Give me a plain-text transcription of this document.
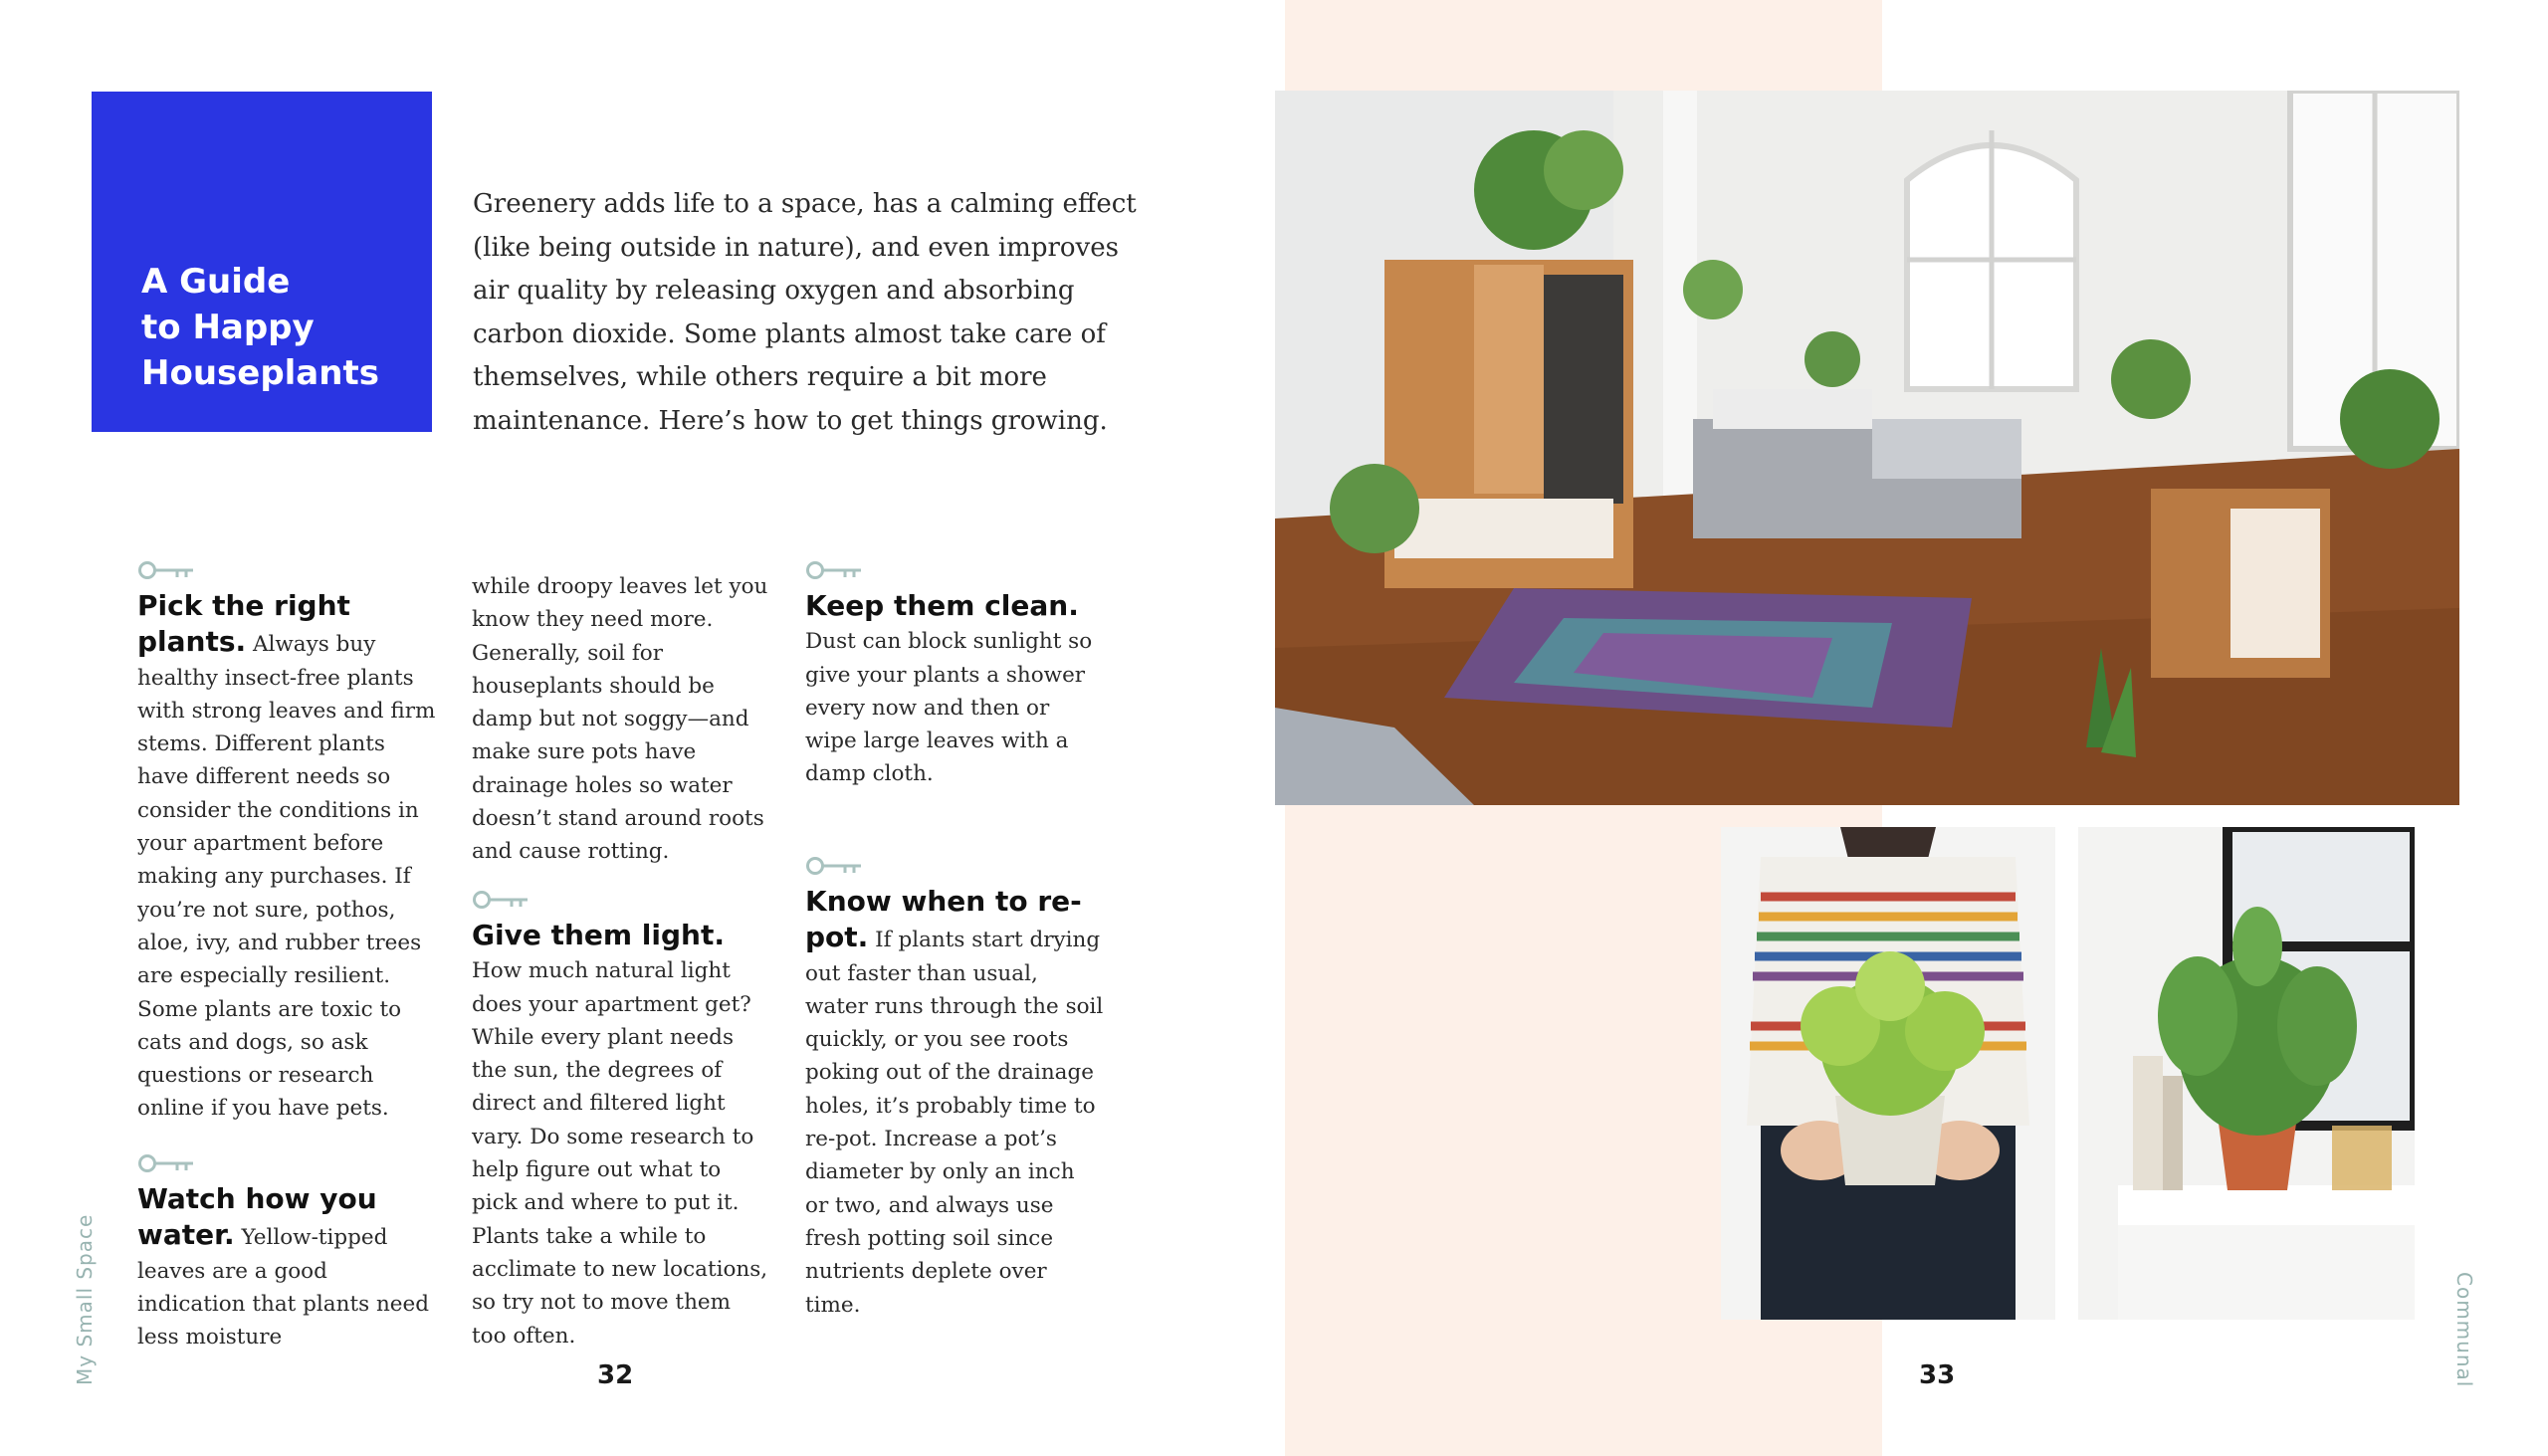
A Guide
to Happy
Houseplants
Greenery adds life to a space, has a calming effect (like being outside in nature), and even improves air quality by releasing oxygen and absorbing carbon dioxide. Some plants almost take care of themselves, while others require a bit more maintenance. Here’s how to get things growing.

Pick the right plants. Always buy healthy insect-free plants with strong leaves and firm stems. Different plants have different needs so consider the conditions in your apartment before making any purchases. If you’re not sure, pothos, aloe, ivy, and rubber trees are especially resilient. Some plants are toxic to cats and dogs, so ask questions or research online if you have pets.

Watch how you water. Yellow-tipped leaves are a good indication that plants need less moisture

while droopy leaves let you know they need more. Generally, soil for houseplants should be damp but not soggy—and make sure pots have drainage holes so water doesn’t stand around roots and cause rotting.

Give them light.
How much natural light does your apartment get? While every plant needs the sun, the degrees of direct and filtered light vary. Do some research to help figure out what to pick and where to put it. Plants take a while to acclimate to new locations, so try not to move them too often.

Keep them clean.
Dust can block sunlight so give your plants a shower every now and then or wipe large leaves with a damp cloth.

Know when to re-pot. If plants start drying out faster than usual, water runs through the soil quickly, or you see roots poking out of the drainage holes, it’s probably time to re-pot. Increase a pot’s diameter by only an inch or two, and always use fresh potting soil since nutrients deplete over time.

32	33
My Small Space	Communal
